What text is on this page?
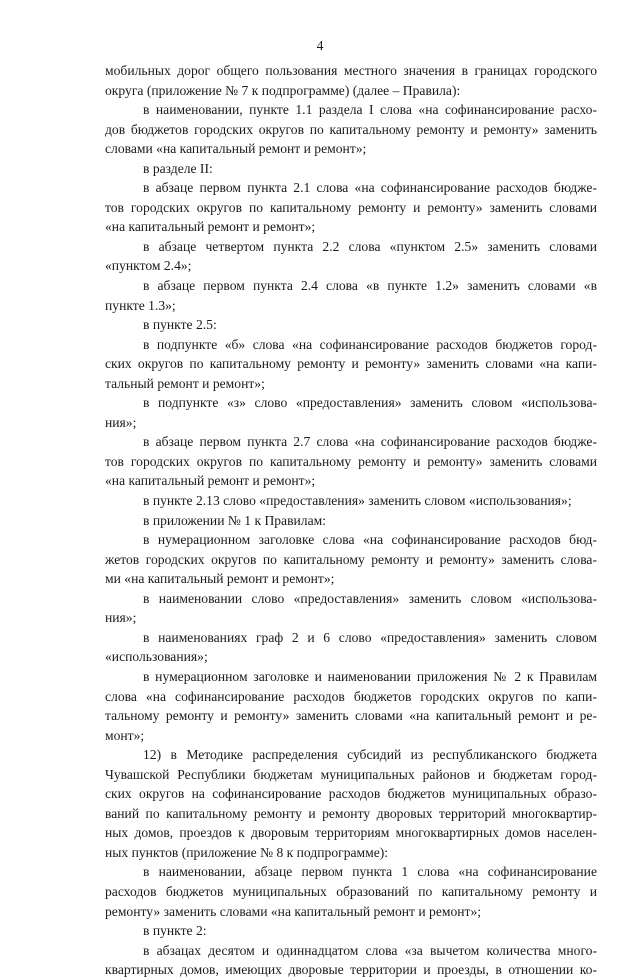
4
мобильных дорог общего пользования местного значения в границах городского
округа (приложение № 7 к подпрограмме) (далее – Правила):
в наименовании, пункте 1.1 раздела I слова «на софинансирование расхо-
дов бюджетов городских округов по капитальному ремонту и ремонту» заменить
словами «на капитальный ремонт и ремонт»;
в разделе II:
в абзаце первом пункта 2.1 слова «на софинансирование расходов бюдже-
тов городских округов по капитальному ремонту и ремонту» заменить словами
«на капитальный ремонт и ремонт»;
в абзаце четвертом пункта 2.2 слова «пунктом 2.5» заменить словами
«пунктом 2.4»;
в абзаце первом пункта 2.4 слова «в пункте 1.2» заменить словами «в
пункте 1.3»;
в пункте 2.5:
в подпункте «б» слова «на софинансирование расходов бюджетов город-
ских округов по капитальному ремонту и ремонту» заменить словами «на капи-
тальный ремонт и ремонт»;
в подпункте «з» слово «предоставления» заменить словом «использова-
ния»;
в абзаце первом пункта 2.7 слова «на софинансирование расходов бюдже-
тов городских округов по капитальному ремонту и ремонту» заменить словами
«на капитальный ремонт и ремонт»;
в пункте 2.13 слово «предоставления» заменить словом «использования»;
в приложении № 1 к Правилам:
в нумерационном заголовке слова «на софинансирование расходов бюд-
жетов городских округов по капитальному ремонту и ремонту» заменить слова-
ми «на капитальный ремонт и ремонт»;
в наименовании слово «предоставления» заменить словом «использова-
ния»;
в наименованиях граф 2 и 6 слово «предоставления» заменить словом
«использования»;
в нумерационном заголовке и наименовании приложения № 2 к Правилам
слова «на софинансирование расходов бюджетов городских округов по капи-
тальному ремонту и ремонту» заменить словами «на капитальный ремонт и ре-
монт»;
12) в Методике распределения субсидий из республиканского бюджета
Чувашской Республики бюджетам муниципальных районов и бюджетам город-
ских округов на софинансирование расходов бюджетов муниципальных образо-
ваний по капитальному ремонту и ремонту дворовых территорий многоквартир-
ных домов, проездов к дворовым территориям многоквартирных домов населен-
ных пунктов (приложение № 8 к подпрограмме):
в наименовании, абзаце первом пункта 1 слова «на софинансирование
расходов бюджетов муниципальных образований по капитальному ремонту и
ремонту» заменить словами «на капитальный ремонт и ремонт»;
в пункте 2:
в абзацах десятом и одиннадцатом слова «за вычетом количества много-
квартирных домов, имеющих дворовые территории и проезды, в отношении ко-
